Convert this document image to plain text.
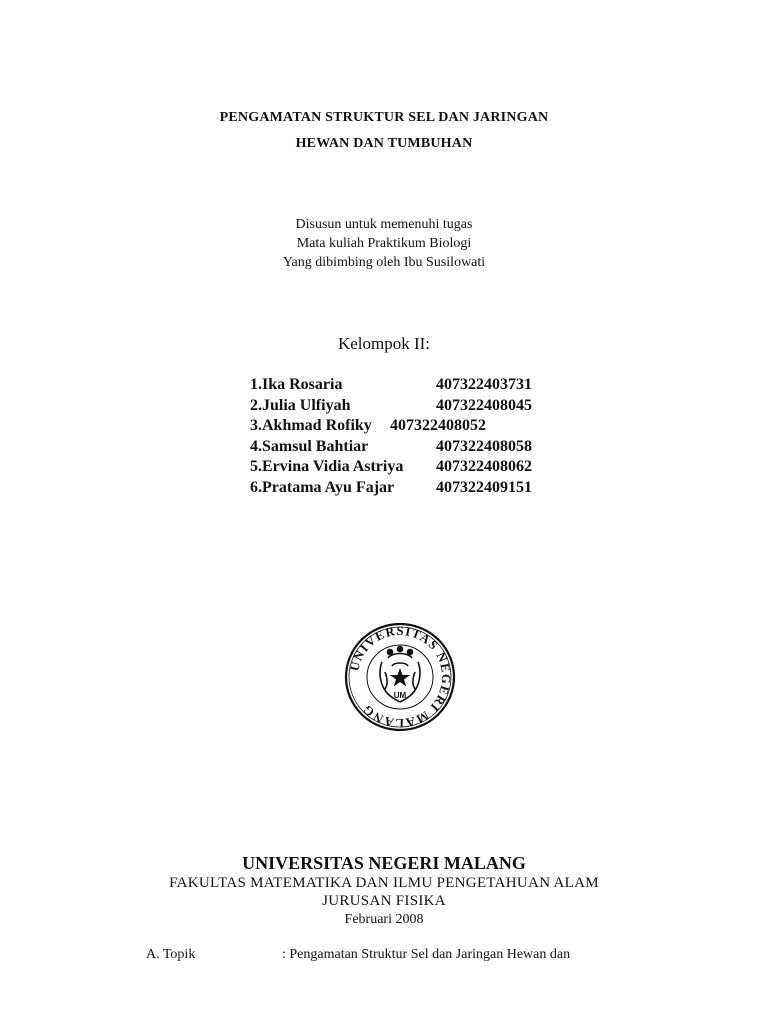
PENGAMATAN STRUKTUR SEL DAN JARINGAN
HEWAN DAN TUMBUHAN
Disusun untuk memenuhi tugas
Mata kuliah Praktikum Biologi
Yang dibimbing oleh Ibu Susilowati
Kelompok II:
1.Ika Rosaria	407322403731
2.Julia Ulfiyah	407322408045
3.Akhmad Rofiky 407322408052
4.Samsul Bahtiar	407322408058
5.Ervina Vidia Astriya 407322408062
6.Pratama Ayu Fajar	407322409151
UNIVERSITAS NEGERI MALANG
UM
UNIVERSITAS NEGERI MALANG
FAKULTAS MATEMATIKA DAN ILMU PENGETAHUAN ALAM
JURUSAN FISIKA
Februari 2008
A. Topik	: Pengamatan Struktur Sel dan Jaringan Hewan dan
